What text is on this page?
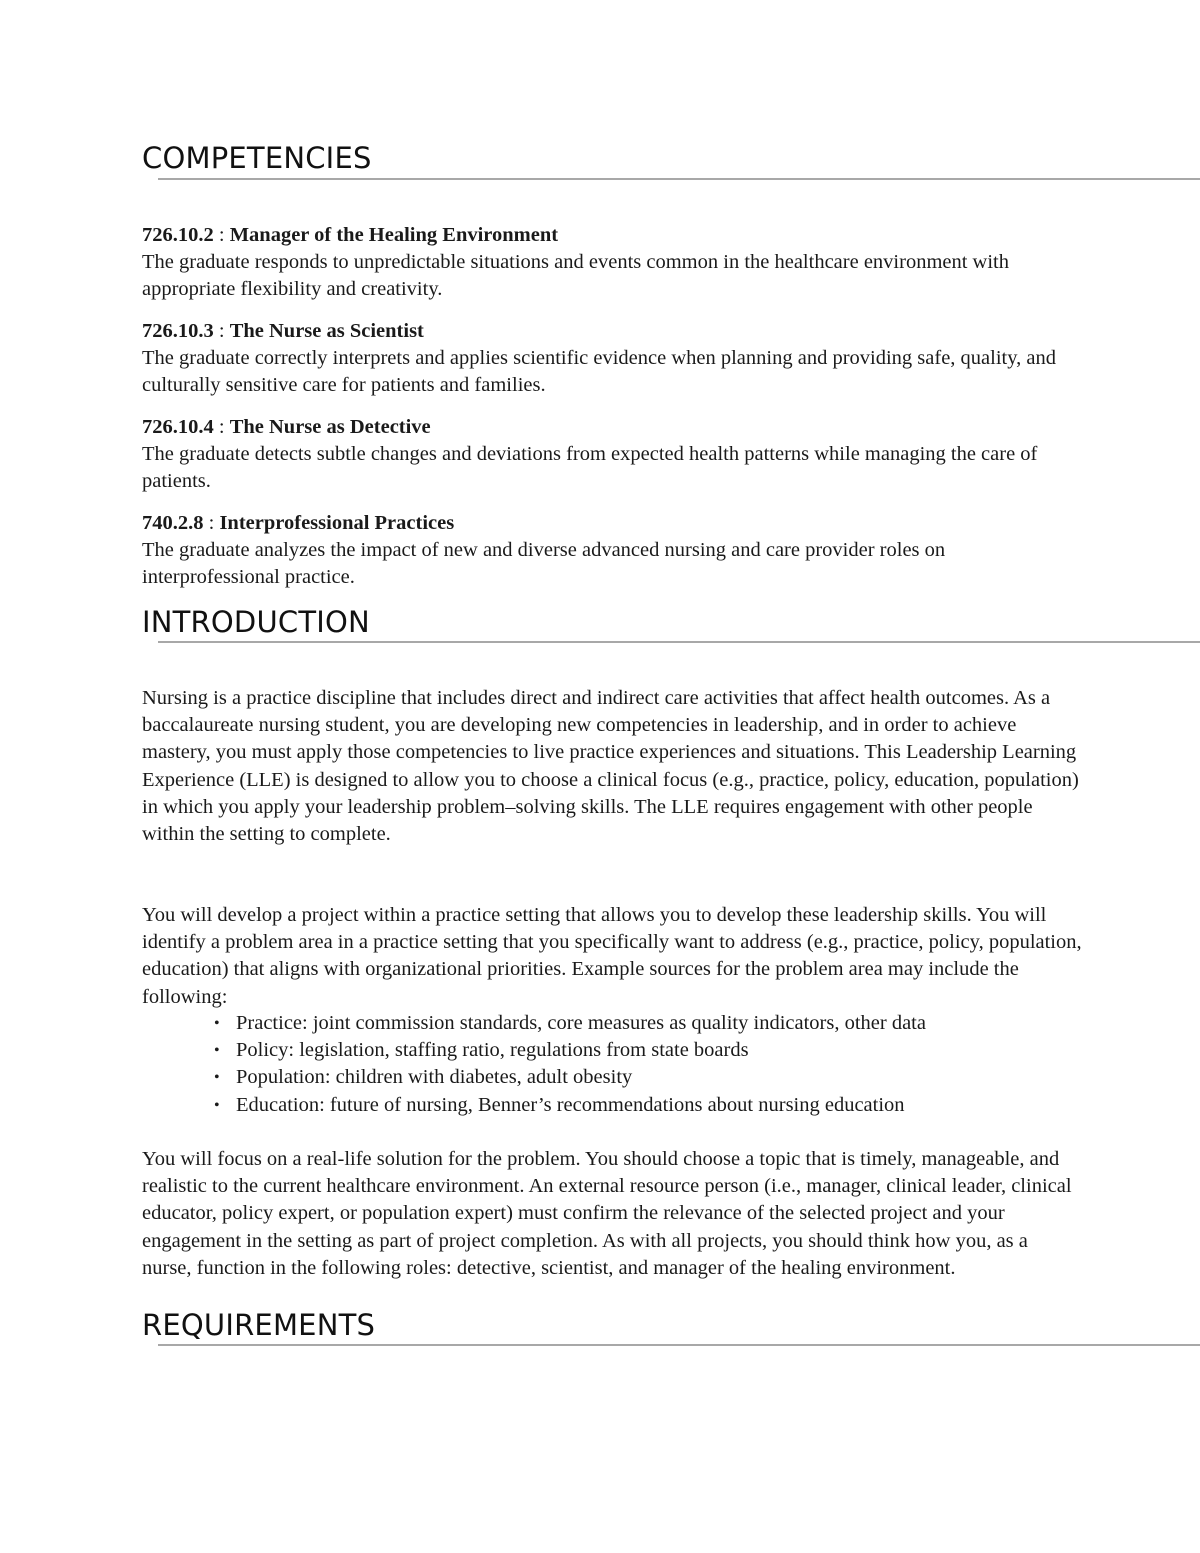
COMPETENCIES
726.10.2 : Manager of the Healing Environment
The graduate responds to unpredictable situations and events common in the healthcare environment with appropriate flexibility and creativity.
726.10.3 : The Nurse as Scientist
The graduate correctly interprets and applies scientific evidence when planning and providing safe, quality, and culturally sensitive care for patients and families.
726.10.4 : The Nurse as Detective
The graduate detects subtle changes and deviations from expected health patterns while managing the care of patients.
740.2.8 : Interprofessional Practices
The graduate analyzes the impact of new and diverse advanced nursing and care provider roles on interprofessional practice.
INTRODUCTION

Nursing is a practice discipline that includes direct and indirect care activities that affect health outcomes. As a baccalaureate nursing student, you are developing new competencies in leadership, and in order to achieve mastery, you must apply those competencies to live practice experiences and situations. This Leadership Learning Experience (LLE) is designed to allow you to choose a clinical focus (e.g., practice, policy, education, population) in which you apply your leadership problem–solving skills. The LLE requires engagement with other people within the setting to complete.

You will develop a project within a practice setting that allows you to develop these leadership skills. You will identify a problem area in a practice setting that you specifically want to address (e.g., practice, policy, population, education) that aligns with organizational priorities. Example sources for the problem area may include the following:

• Practice: joint commission standards, core measures as quality indicators, other data
• Policy: legislation, staffing ratio, regulations from state boards
• Population: children with diabetes, adult obesity
• Education: future of nursing, Benner’s recommendations about nursing education

You will focus on a real-life solution for the problem. You should choose a topic that is timely, manageable, and realistic to the current healthcare environment. An external resource person (i.e., manager, clinical leader, clinical educator, policy expert, or population expert) must confirm the relevance of the selected project and your engagement in the setting as part of project completion. As with all projects, you should think how you, as a nurse, function in the following roles: detective, scientist, and manager of the healing environment.

REQUIREMENTS
